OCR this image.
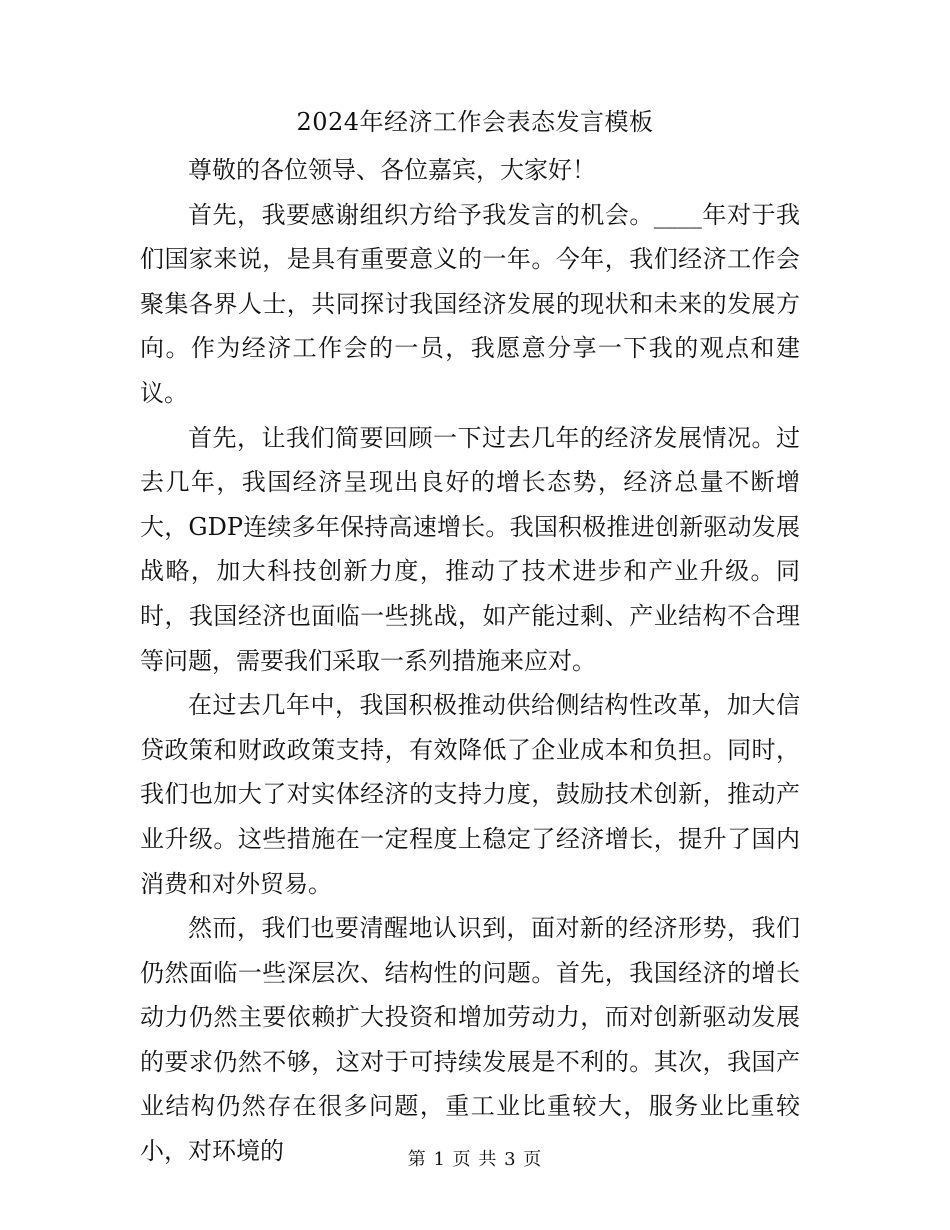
2024年经济工作会表态发言模板

尊敬的各位领导、各位嘉宾，大家好！

首先，我要感谢组织方给予我发言的机会。____年对于我们国家来说，是具有重要意义的一年。今年，我们经济工作会聚集各界人士，共同探讨我国经济发展的现状和未来的发展方向。作为经济工作会的一员，我愿意分享一下我的观点和建议。

首先，让我们简要回顾一下过去几年的经济发展情况。过去几年，我国经济呈现出良好的增长态势，经济总量不断增大，GDP连续多年保持高速增长。我国积极推进创新驱动发展战略，加大科技创新力度，推动了技术进步和产业升级。同时，我国经济也面临一些挑战，如产能过剩、产业结构不合理等问题，需要我们采取一系列措施来应对。

在过去几年中，我国积极推动供给侧结构性改革，加大信贷政策和财政政策支持，有效降低了企业成本和负担。同时，我们也加大了对实体经济的支持力度，鼓励技术创新，推动产业升级。这些措施在一定程度上稳定了经济增长，提升了国内消费和对外贸易。

然而，我们也要清醒地认识到，面对新的经济形势，我们仍然面临一些深层次、结构性的问题。首先，我国经济的增长动力仍然主要依赖扩大投资和增加劳动力，而对创新驱动发展的要求仍然不够，这对于可持续发展是不利的。其次，我国产业结构仍然存在很多问题，重工业比重较大，服务业比重较小，对环境的	第 1 页 共 3 页
